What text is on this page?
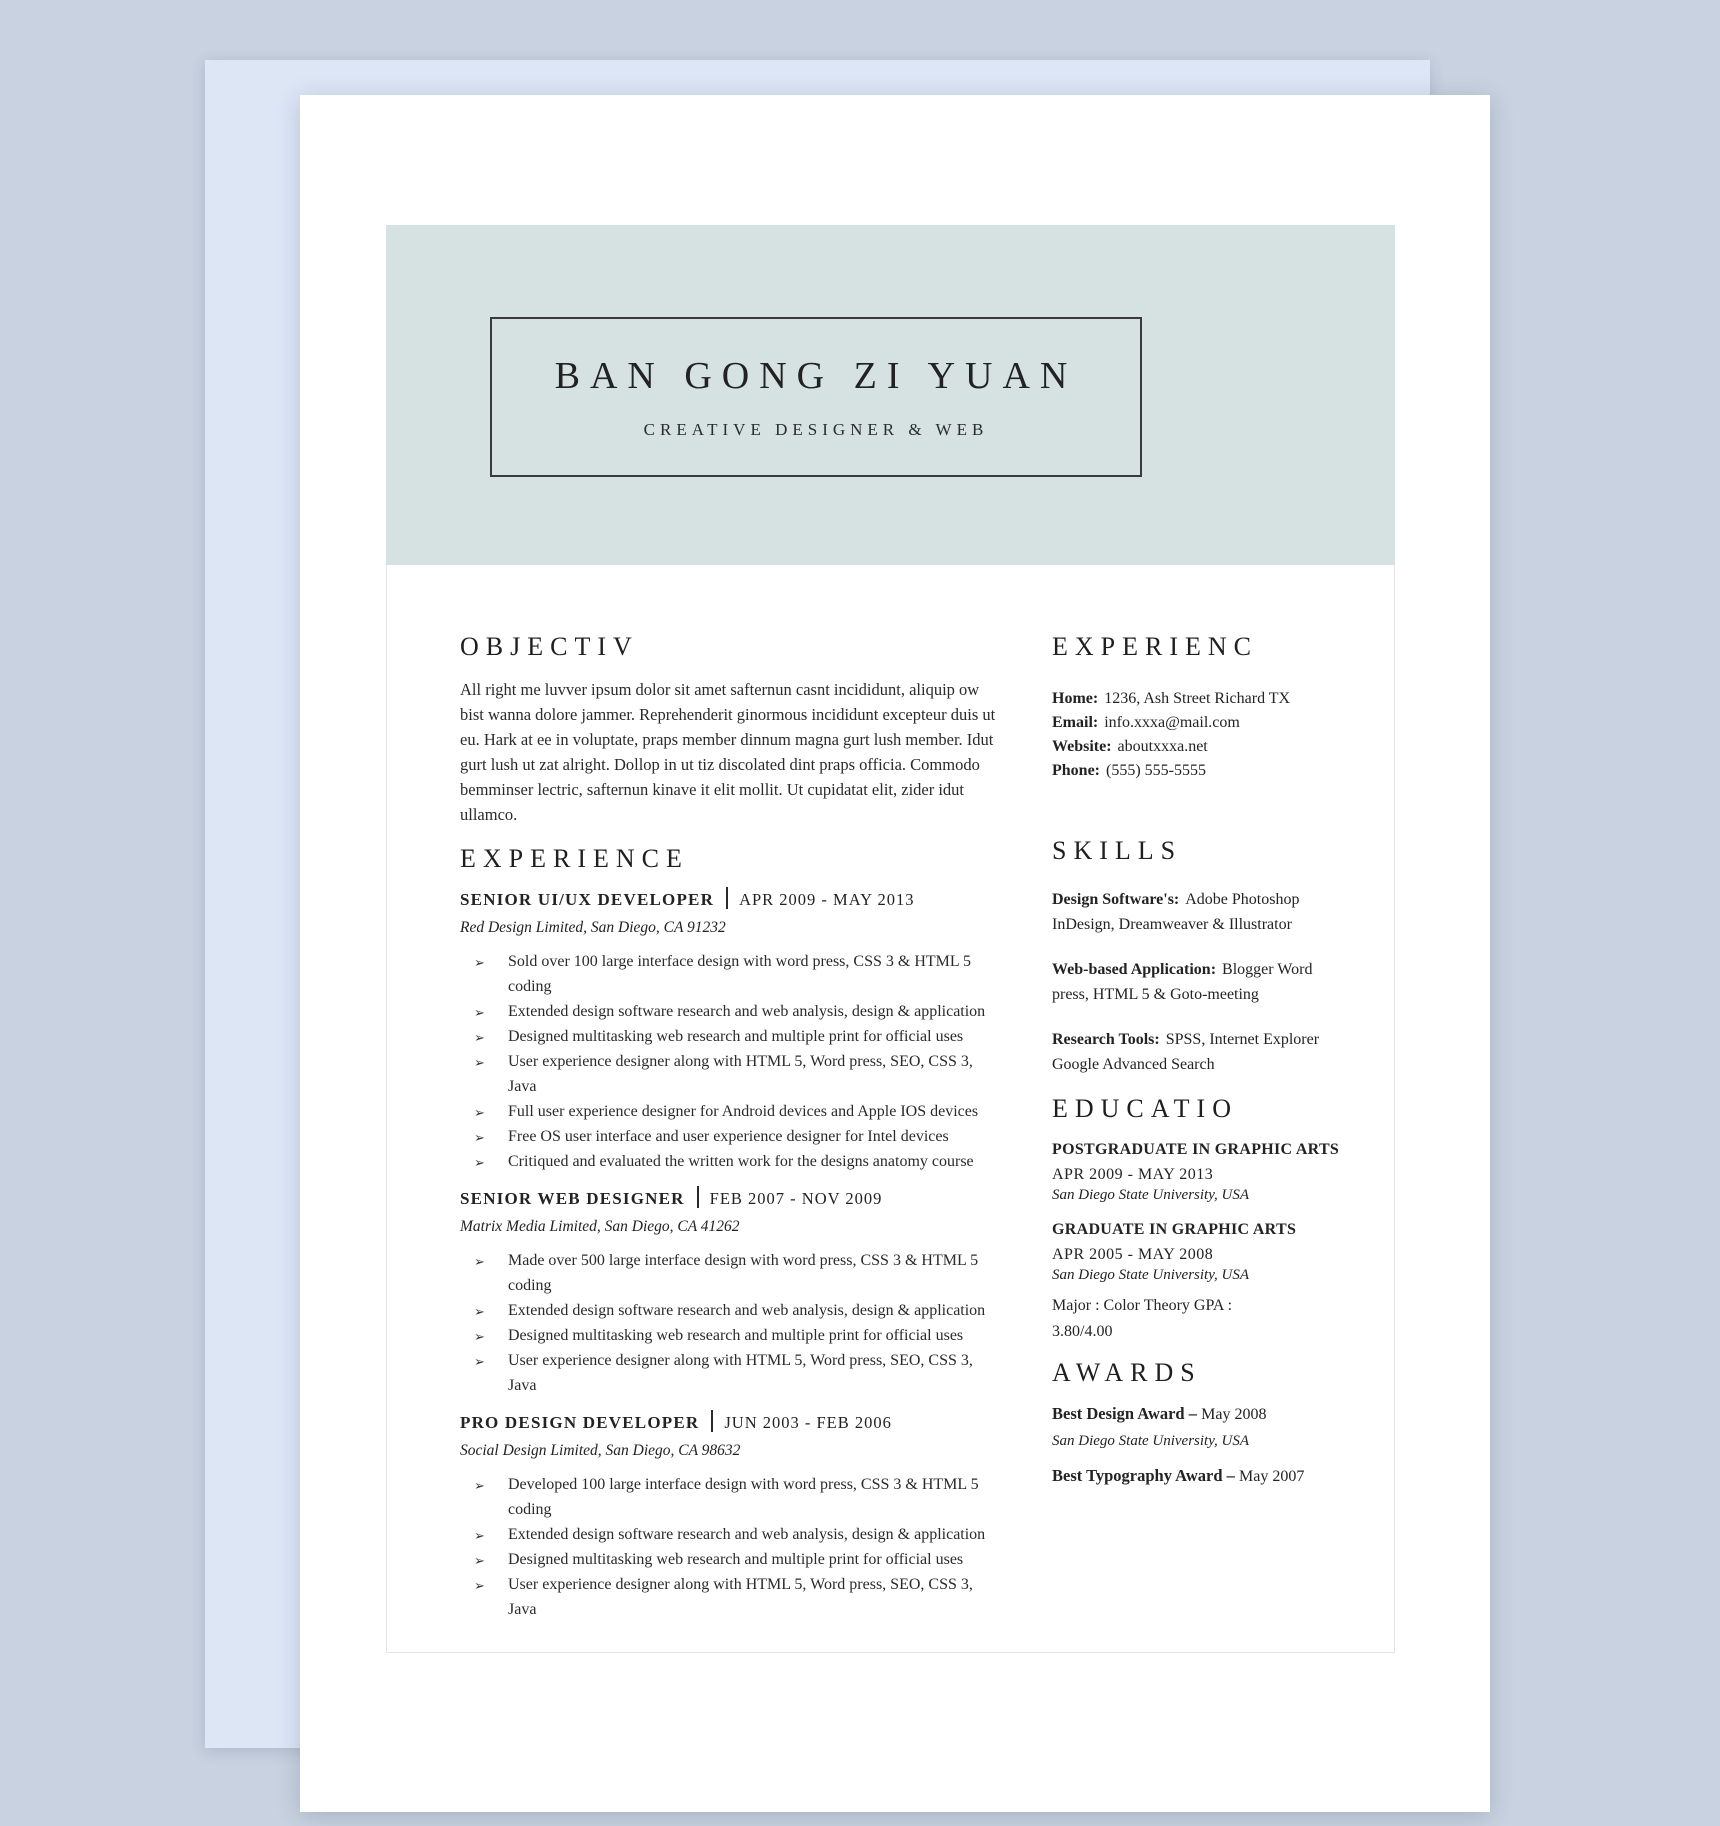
BAN GONG ZI YUAN
CREATIVE DESIGNER & WEB
OBJECTIV

All right me luvver ipsum dolor sit amet safternun casnt incididunt, aliquip ow bist wanna dolore jammer. Reprehenderit ginormous incididunt excepteur duis ut eu. Hark at ee in voluptate, praps member dinnum magna gurt lush member. Idut gurt lush ut zat alright. Dollop in ut tiz discolated dint praps officia. Commodo bemminser lectric, safternun kinave it elit mollit. Ut cupidatat elit, zider idut ullamco.

EXPERIENCE
SENIOR UI/UX DEVELOPER APR 2009 - MAY 2013
Red Design Limited, San Diego, CA 91232
➢ Sold over 100 large interface design with word press, CSS 3 & HTML 5 coding
➢ Extended design software research and web analysis, design & application
➢ Designed multitasking web research and multiple print for official uses
➢ User experience designer along with HTML 5, Word press, SEO, CSS 3, Java
➢ Full user experience designer for Android devices and Apple IOS devices
➢ Free OS user interface and user experience designer for Intel devices
➢ Critiqued and evaluated the written work for the designs anatomy course
SENIOR WEB DESIGNER FEB 2007 - NOV 2009
Matrix Media Limited, San Diego, CA 41262
➢ Made over 500 large interface design with word press, CSS 3 & HTML 5 coding
➢ Extended design software research and web analysis, design & application
➢ Designed multitasking web research and multiple print for official uses
➢ User experience designer along with HTML 5, Word press, SEO, CSS 3, Java
PRO DESIGN DEVELOPER JUN 2003 - FEB 2006
Social Design Limited, San Diego, CA 98632
➢ Developed 100 large interface design with word press, CSS 3 & HTML 5 coding
➢ Extended design software research and web analysis, design & application
➢ Designed multitasking web research and multiple print for official uses
➢ User experience designer along with HTML 5, Word press, SEO, CSS 3, Java
EXPERIENC
Home: 1236, Ash Street Richard TX
Email: info.xxxa@mail.com
Website: aboutxxxa.net
Phone: (555) 555-5555
SKILLS
Design Software's: Adobe Photoshop InDesign, Dreamweaver & Illustrator
Web-based Application: Blogger Word press, HTML 5 & Goto-meeting
Research Tools: SPSS, Internet Explorer Google Advanced Search
EDUCATIO
POSTGRADUATE IN GRAPHIC ARTS
APR 2009 - MAY 2013
San Diego State University, USA
GRADUATE IN GRAPHIC ARTS
APR 2005 - MAY 2008
San Diego State University, USA
Major : Color Theory GPA :
3.80/4.00
AWARDS
Best Design Award – May 2008
San Diego State University, USA
Best Typography Award – May 2007
